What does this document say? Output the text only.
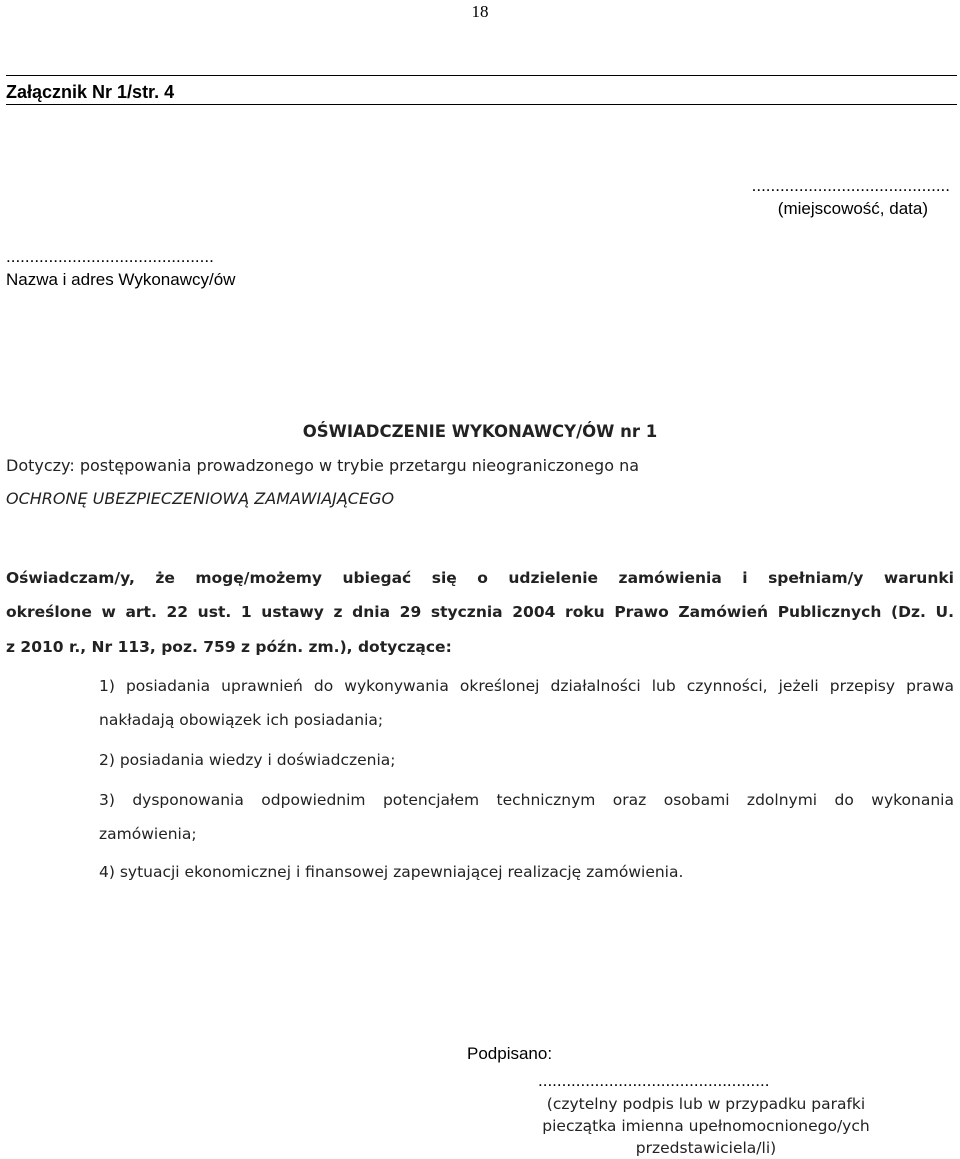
18
Załącznik Nr 1/str. 4
..........................................
(miejscowość, data)
............................................
Nazwa i adres Wykonawcy/ów
OŚWIADCZENIE WYKONAWCY/ÓW nr 1
Dotyczy: postępowania prowadzonego w trybie przetargu nieograniczonego na
OCHRONĘ UBEZPIECZENIOWĄ ZAMAWIAJĄCEGO
Oświadczam/y, że mogę/możemy ubiegać się o udzielenie zamówienia i spełniam/y warunki
określone w art. 22 ust. 1 ustawy z dnia 29 stycznia 2004 roku Prawo Zamówień Publicznych (Dz. U.
z 2010 r., Nr 113, poz. 759 z późn. zm.), dotyczące:
1) posiadania uprawnień do wykonywania określonej działalności lub czynności, jeżeli przepisy prawa
nakładają obowiązek ich posiadania;
2) posiadania wiedzy i doświadczenia;
3) dysponowania odpowiednim potencjałem technicznym oraz osobami zdolnymi do wykonania
zamówienia;
4) sytuacji ekonomicznej i finansowej zapewniającej realizację zamówienia.
Podpisano:
.................................................
(czytelny podpis lub w przypadku parafki
pieczątka imienna upełnomocnionego/ych
przedstawiciela/li)
